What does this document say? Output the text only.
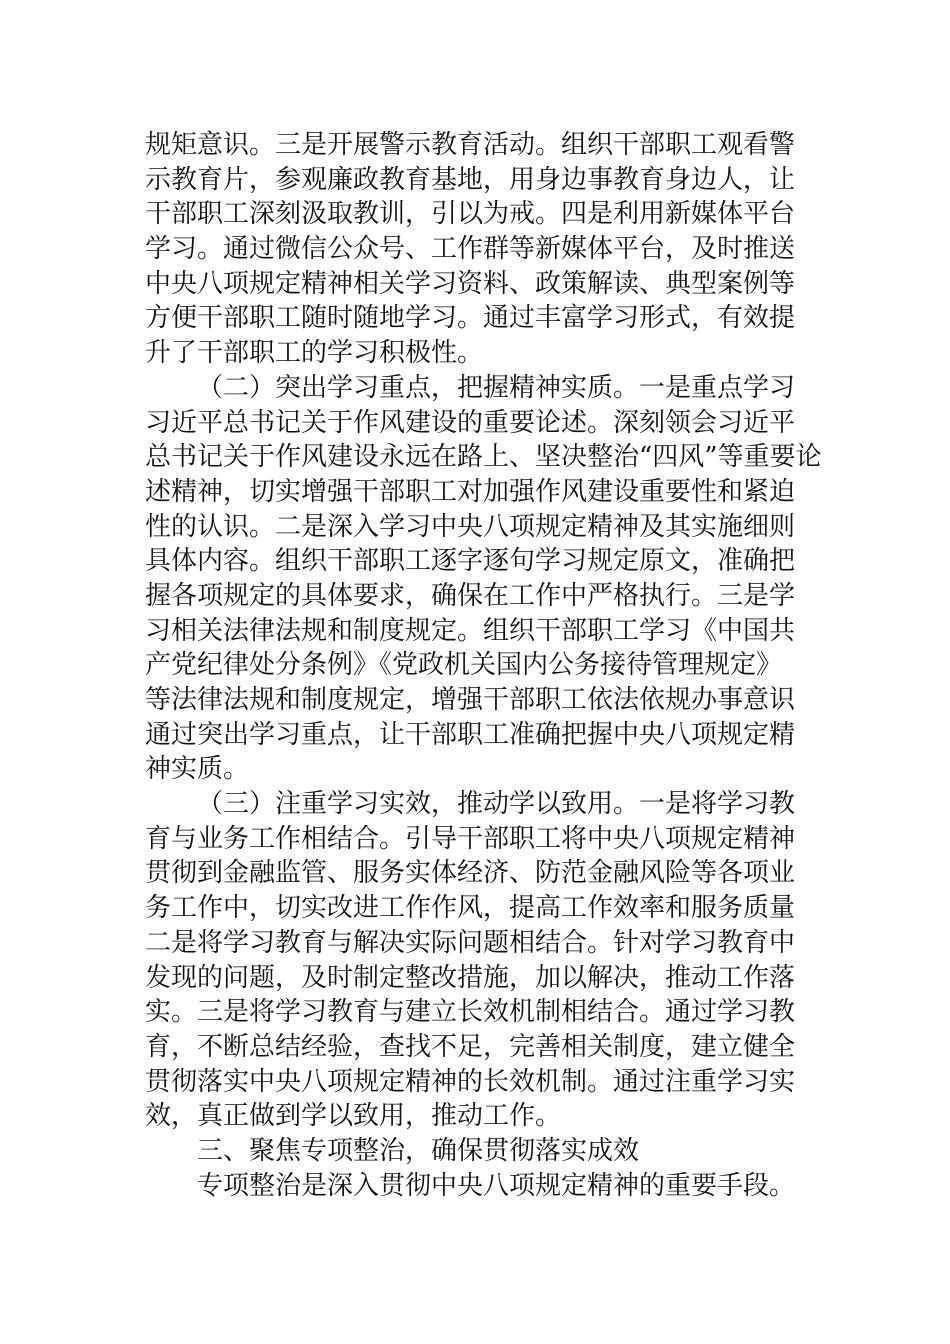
规矩意识。三是开展警示教育活动。组织干部职工观看警
示教育片，参观廉政教育基地，用身边事教育身边人，让
干部职工深刻汲取教训，引以为戒。四是利用新媒体平台
学习。通过微信公众号、工作群等新媒体平台，及时推送
中央八项规定精神相关学习资料、政策解读、典型案例等
方便干部职工随时随地学习。通过丰富学习形式，有效提
升了干部职工的学习积极性。
（二）突出学习重点，把握精神实质。一是重点学习
习近平总书记关于作风建设的重要论述。深刻领会习近平
总书记关于作风建设永远在路上、坚决整治“四风”等重要论
述精神，切实增强干部职工对加强作风建设重要性和紧迫
性的认识。二是深入学习中央八项规定精神及其实施细则
具体内容。组织干部职工逐字逐句学习规定原文，准确把
握各项规定的具体要求，确保在工作中严格执行。三是学
习相关法律法规和制度规定。组织干部职工学习《中国共
产党纪律处分条例》《党政机关国内公务接待管理规定》
等法律法规和制度规定，增强干部职工依法依规办事意识
通过突出学习重点，让干部职工准确把握中央八项规定精
神实质。
（三）注重学习实效，推动学以致用。一是将学习教
育与业务工作相结合。引导干部职工将中央八项规定精神
贯彻到金融监管、服务实体经济、防范金融风险等各项业
务工作中，切实改进工作作风，提高工作效率和服务质量
二是将学习教育与解决实际问题相结合。针对学习教育中
发现的问题，及时制定整改措施，加以解决，推动工作落
实。三是将学习教育与建立长效机制相结合。通过学习教
育，不断总结经验，查找不足，完善相关制度，建立健全
贯彻落实中央八项规定精神的长效机制。通过注重学习实
效，真正做到学以致用，推动工作。
三、聚焦专项整治，确保贯彻落实成效
专项整治是深入贯彻中央八项规定精神的重要手段。
